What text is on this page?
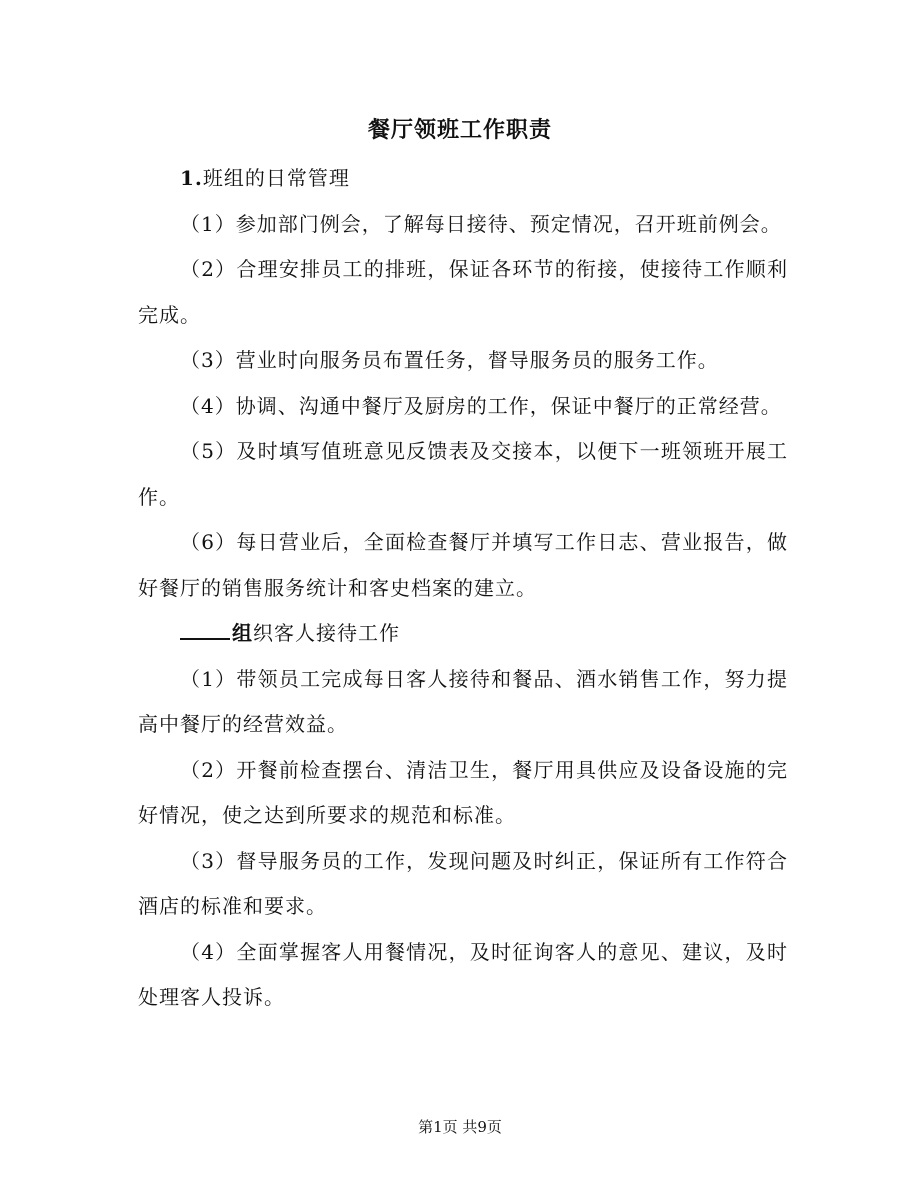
餐厅领班工作职责

1.班组的日常管理

（1）参加部门例会，了解每日接待、预定情况，召开班前例会。

（2）合理安排员工的排班，保证各环节的衔接，使接待工作顺利完成。

（3）营业时向服务员布置任务，督导服务员的服务工作。

（4）协调、沟通中餐厅及厨房的工作，保证中餐厅的正常经营。

（5）及时填写值班意见反馈表及交接本，以便下一班领班开展工作。

（6）每日营业后，全面检查餐厅并填写工作日志、营业报告，做好餐厅的销售服务统计和客史档案的建立。

组织客人接待工作

（1）带领员工完成每日客人接待和餐品、酒水销售工作，努力提高中餐厅的经营效益。

（2）开餐前检查摆台、清洁卫生，餐厅用具供应及设备设施的完好情况，使之达到所要求的规范和标准。

（3）督导服务员的工作，发现问题及时纠正，保证所有工作符合酒店的标准和要求。

（4）全面掌握客人用餐情况，及时征询客人的意见、建议，及时处理客人投诉。

第1页 共9页
